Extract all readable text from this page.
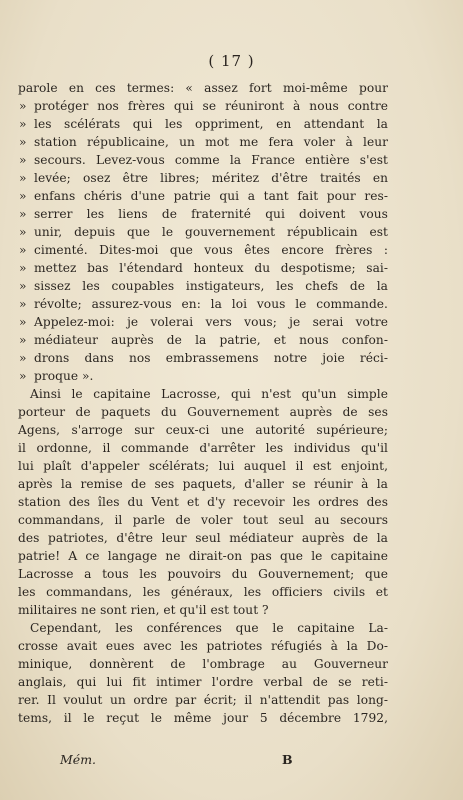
( 17 )
parole en ces termes: « assez fort moi-même pour
» protéger nos frères qui se réuniront à nous contre
» les scélérats qui les oppriment, en attendant la
» station républicaine, un mot me fera voler à leur
» secours. Levez-vous comme la France entière s'est
» levée; osez être libres; méritez d'être traités en
» enfans chéris d'une patrie qui a tant fait pour res-
» serrer les liens de fraternité qui doivent vous
» unir, depuis que le gouvernement républicain est
» cimenté. Dites-moi que vous êtes encore frères :
» mettez bas l'étendard honteux du despotisme; sai-
» sissez les coupables instigateurs, les chefs de la
» révolte; assurez-vous en: la loi vous le commande.
» Appelez-moi: je volerai vers vous; je serai votre
» médiateur auprès de la patrie, et nous confon-
» drons dans nos embrassemens notre joie réci-
» proque ».
Ainsi le capitaine Lacrosse, qui n'est qu'un simple
porteur de paquets du Gouvernement auprès de ses
Agens, s'arroge sur ceux-ci une autorité supérieure;
il ordonne, il commande d'arrêter les individus qu'il
lui plaît d'appeler scélérats; lui auquel il est enjoint,
après la remise de ses paquets, d'aller se réunir à la
station des îles du Vent et d'y recevoir les ordres des
commandans, il parle de voler tout seul au secours
des patriotes, d'être leur seul médiateur auprès de la
patrie! A ce langage ne dirait-on pas que le capitaine
Lacrosse a tous les pouvoirs du Gouvernement; que
les commandans, les généraux, les officiers civils et
militaires ne sont rien, et qu'il est tout ?
Cependant, les conférences que le capitaine La-
crosse avait eues avec les patriotes réfugiés à la Do-
minique, donnèrent de l'ombrage au Gouverneur
anglais, qui lui fit intimer l'ordre verbal de se reti-
rer. Il voulut un ordre par écrit; il n'attendit pas long-
tems, il le reçut le même jour 5 décembre 1792,
Mém.	B
